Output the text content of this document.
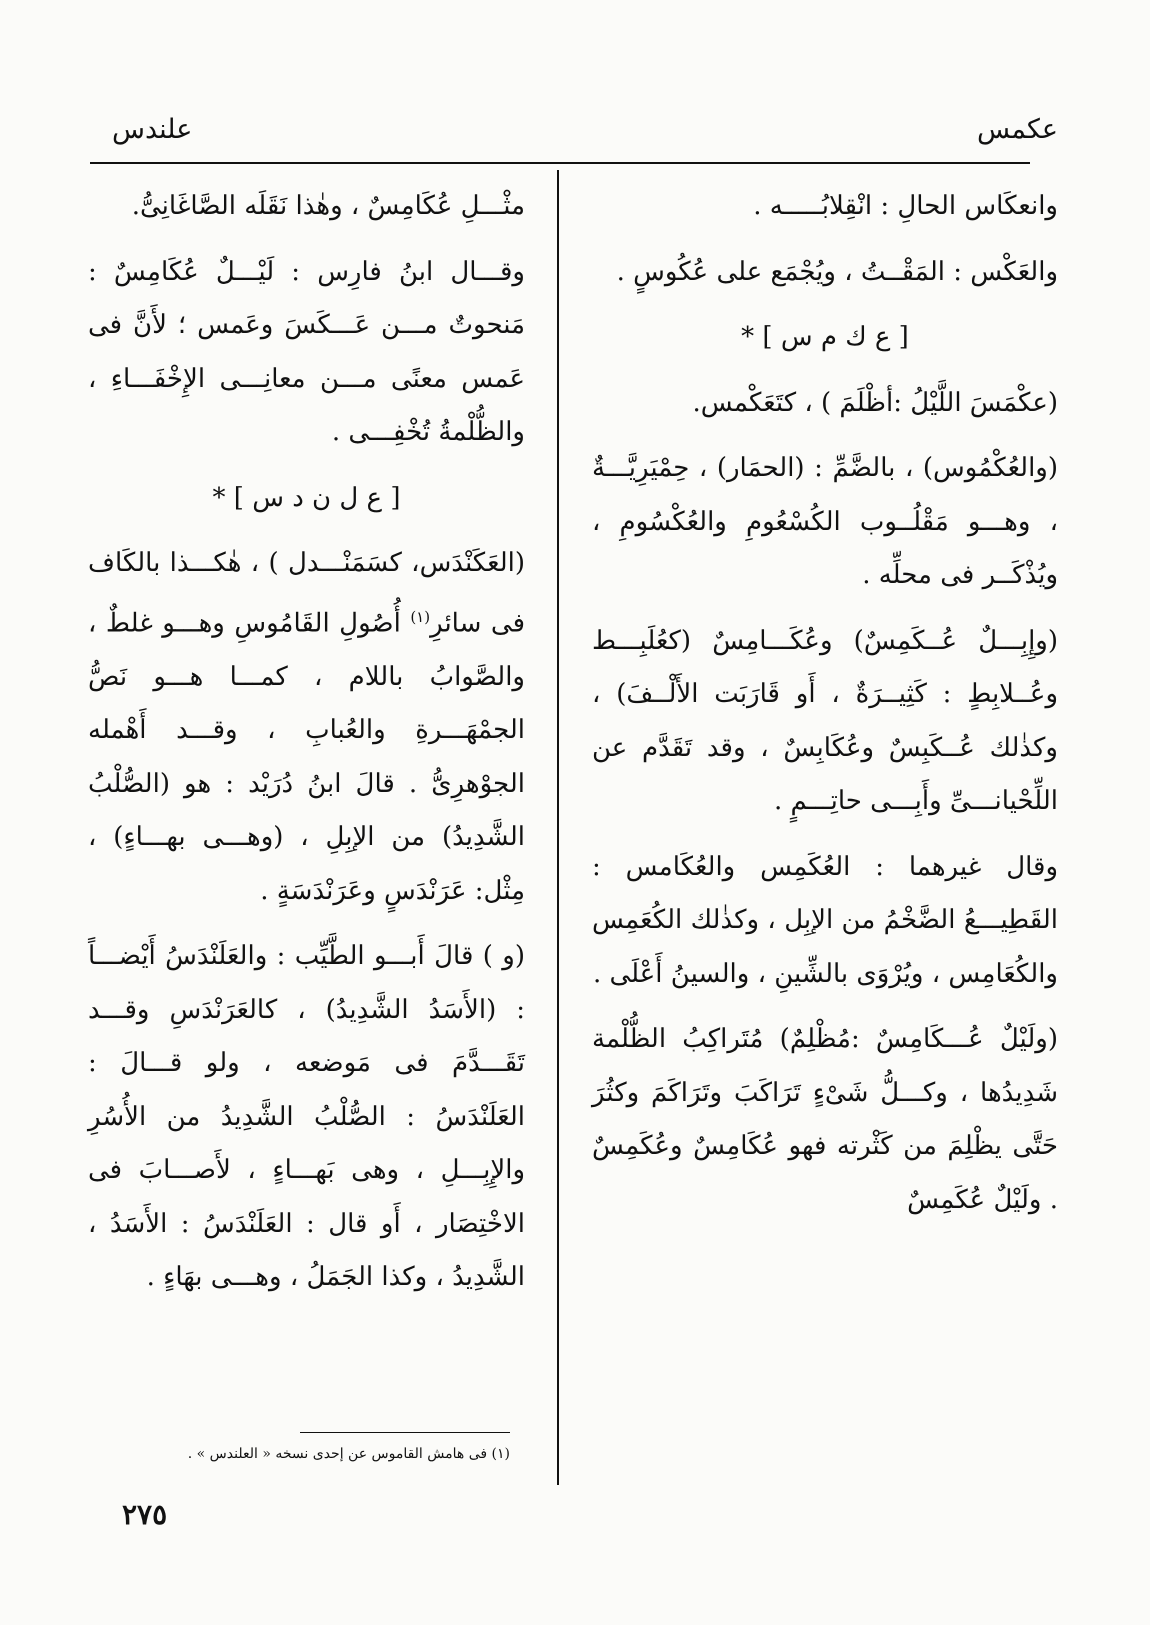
عكمس
علندس

وانعكَاس الحالِ : انْقِلابُـــــه .

والعَكْس : المَقْــتُ ، ويُجْمَع على عُكُوسٍ .

[ ع ك م س ] *

(عكْمَسَ اللَّيْلُ :أظْلَمَ ) ، كتَعَكْمس.

(والعُكْمُوس) ، بالضَّمِّ : (الحمَار) ، حِمْيَرِيَّـــةٌ ، وهـــو مَقْلُــوب الكُسْعُومِ والعُكْسُومِ ، ويُذْكَــر فى محلِّه .

(وإِبِـــلٌ عُــكَمِسٌ) وعُكَـــامِسٌ (كعُلَبِـــط وعُــلابِطٍ : كَثِيــرَةٌ ، أَو قَارَبَت الأَلْــفَ) ، وكذٰلك عُــكَبِسٌ وعُكَابِسٌ ، وقد تَقَدَّم عن اللِّحْيانـــىِّ وأَبِـــى حاتِـــمٍ .

وقال غيرهما : العُكَمِس والعُكَامس : القَطِيـــعُ الضَّخْمُ من الإبِل ، وكذٰلك الكُعَمِس والكُعَامِس ، ويُرْوَى بالشِّينِ ، والسينُ أَعْلَى .

(ولَيْلٌ عُـــكَامِسٌ :مُظْلِمٌ) مُتَراكِبُ الظُّلْمة شَدِيدُها ، وكـــلُّ شَىْءٍ تَرَاكَبَ وتَرَاكَمَ وكثُرَ حَتَّى يظْلِمَ من كَثْرته فهو عُكَامِسٌ وعُكَمِسٌ . ولَيْلٌ عُكَمِسٌ

مثْـــلِ عُكَامِسٌ ، وهٰذا نَقَلَه الصَّاغَانِىُّ.

وقـــال ابنُ فارِس : لَيْـــلٌ عُكَامِسٌ : مَنحوتٌ مـــن عَـــكَسَ وعَمس ؛ لأَنَّ فى عَمس معنًى مـــن معانِـــى الإِخْفَـــاءِ ، والظُّلْمةُ تُخْفِـــى .

[ ع ل ن د س ] *

(العَكَنْدَس، كسَمَنْـــدل ) ، هٰكـــذا بالكَاف فى سائرِ$^{(١)}$ أُصُولِ القَامُوسِ وهـــو غلطٌ ، والصَّوابُ باللام ، كمـــا هـــو نَصُّ الجمْهَـــرةِ والعُبابِ ، وقـــد أَهْمله الجوْهرِىُّ . قالَ ابنُ دُرَيْد : هو (الصُّلْبُ الشَّدِيدُ) من الإبِلِ ، (وهـــى بهـــاءٍ) ، مِثْل: عَرَنْدَسٍ وعَرَنْدَسَةٍ .

(و ) قالَ أَبـــو الطَّيِّب : والعَلَنْدَسُ أَيْضـــاً : (الأَسَدُ الشَّدِيدُ) ، كالعَرَنْدَسِ وقـــد تَقَـــدَّمَ فى مَوضعه ، ولو قـــالَ : العَلَنْدَسُ : الصُّلْبُ الشَّدِيدُ من الأُسُرِ والإِبِـــلِ ، وهى بَهـــاءٍ ، لأَصـــابَ فى الاخْتِصَار ، أَو قال : العَلَنْدَسُ : الأَسَدُ ، الشَّدِيدُ ، وكذا الجَمَلُ ، وهـــى بهَاءٍ .

(١) فى هامش القاموس عن إحدى نسخه « العلندس » .
٢٧٥
